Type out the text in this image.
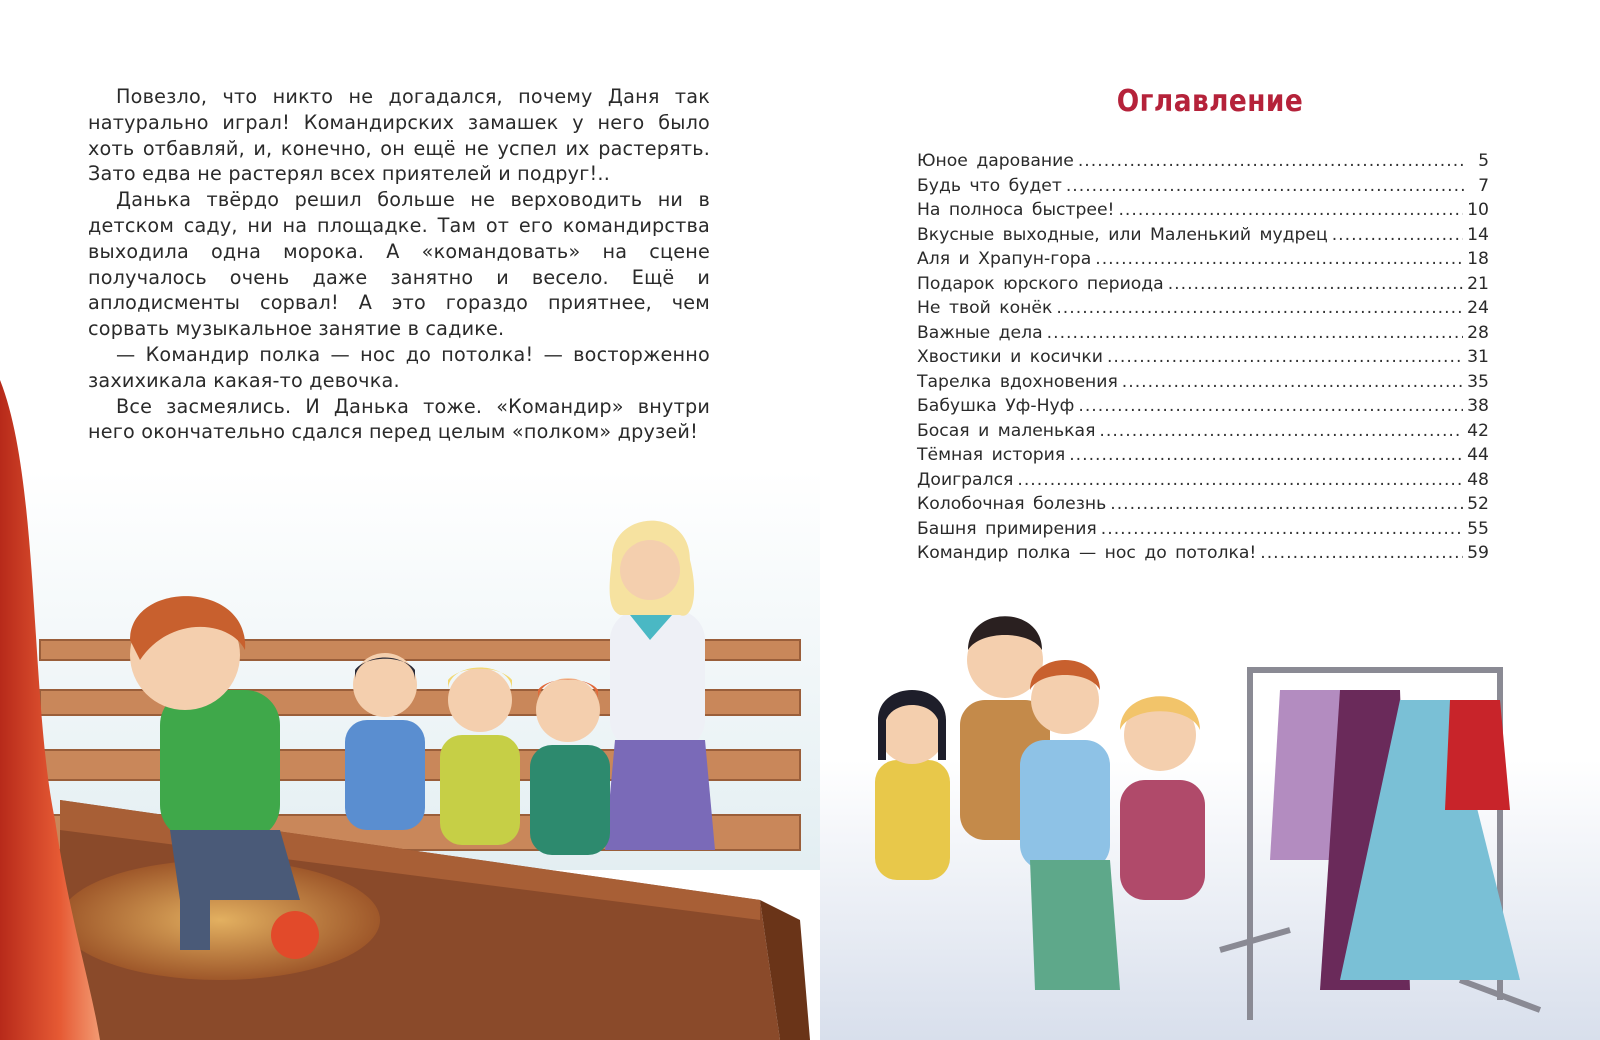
Повезло, что никто не догадался, почему Даня так натурально играл! Командирских замашек у него было хоть отбавляй, и, конечно, он ещё не успел их растерять. Зато едва не растерял всех приятелей и подруг!..

Данька твёрдо решил больше не верховодить ни в детском саду, ни на площадке. Там от его командирства выходила одна морока. А «командовать» на сцене получалось очень даже занятно и весело. Ещё и аплодисменты сорвал! А это гораздо приятнее, чем сорвать музыкальное занятие в садике.

— Командир полка — нос до потолка! — восторженно захихикала какая-то девочка.

Все засмеялись. И Данька тоже. «Командир» внутри него окончательно сдался перед целым «полком» друзей!

Оглавление
Юное дарование .....	5
Будь что будет .....	7
На полноса быстрее! .....	10
Вкусные выходные, или Маленький мудрец .....	14
Аля и Храпун-гора .....	18
Подарок юрского периода .....	21
Не твой конёк .....	24
Важные дела .....	28
Хвостики и косички .....	31
Тарелка вдохновения .....	35
Бабушка Уф-Нуф .....	38
Босая и маленькая .....	42
Тёмная история .....	44
Доигрался .....	48
Колобочная болезнь .....	52
Башня примирения .....	55
Командир полка — нос до потолка! .....	59
